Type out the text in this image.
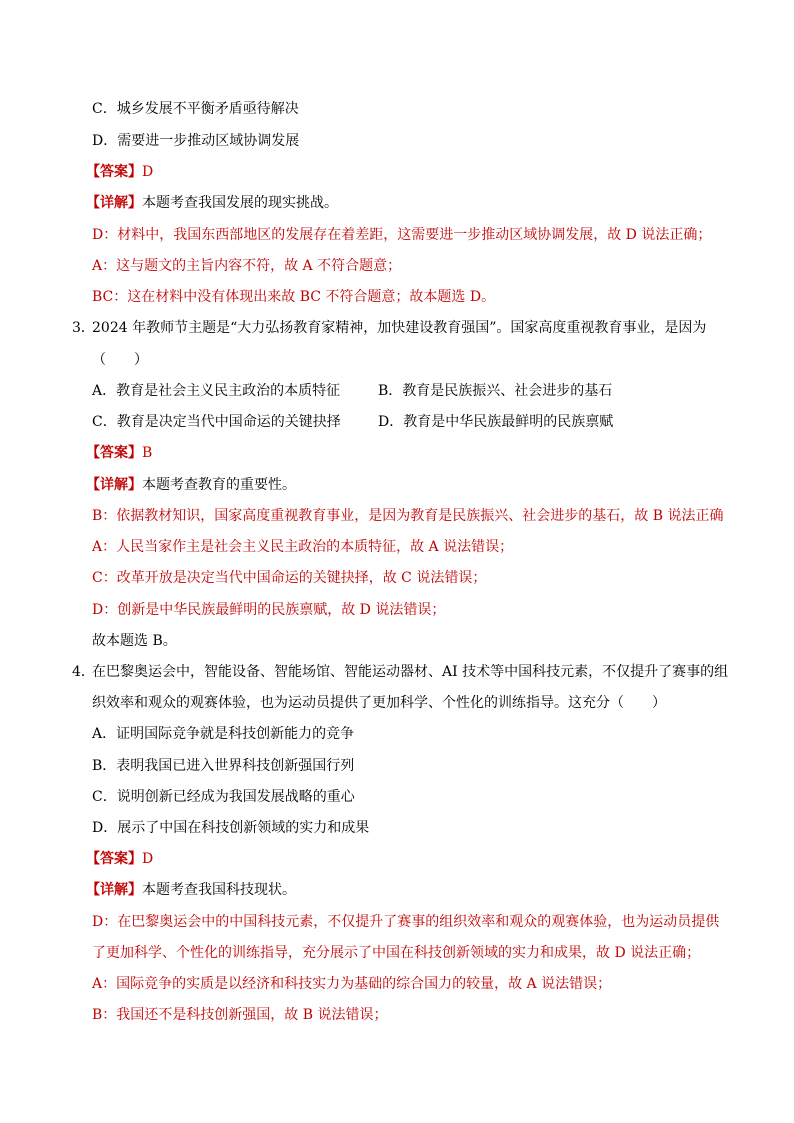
C．城乡发展不平衡矛盾亟待解决
D．需要进一步推动区域协调发展
【答案】D
【详解】本题考查我国发展的现实挑战。
D：材料中，我国东西部地区的发展存在着差距，这需要进一步推动区域协调发展，故 D 说法正确；
A：这与题文的主旨内容不符，故 A 不符合题意；
BC：这在材料中没有体现出来故 BC 不符合题意；故本题选 D。
3．
2024 年教师节主题是“大力弘扬教育家精神，加快建设教育强国”。国家高度重视教育事业，是因为
（　　）
A．教育是社会主义民主政治的本质特征	B．教育是民族振兴、社会进步的基石
C．教育是决定当代中国命运的关键抉择	D．教育是中华民族最鲜明的民族禀赋
【答案】B
【详解】本题考查教育的重要性。
B：依据教材知识，国家高度重视教育事业，是因为教育是民族振兴、社会进步的基石，故 B 说法正确
A：人民当家作主是社会主义民主政治的本质特征，故 A 说法错误；
C：改革开放是决定当代中国命运的关键抉择，故 C 说法错误；
D：创新是中华民族最鲜明的民族禀赋，故 D 说法错误；
故本题选 B。
4．
在巴黎奥运会中，智能设备、智能场馆、智能运动器材、AI 技术等中国科技元素，不仅提升了赛事的组
织效率和观众的观赛体验，也为运动员提供了更加科学、个性化的训练指导。这充分（　　）
A．证明国际竞争就是科技创新能力的竞争
B．表明我国已进入世界科技创新强国行列
C．说明创新已经成为我国发展战略的重心
D．展示了中国在科技创新领域的实力和成果
【答案】D
【详解】本题考查我国科技现状。
D：在巴黎奥运会中的中国科技元素，不仅提升了赛事的组织效率和观众的观赛体验，也为运动员提供
了更加科学、个性化的训练指导，充分展示了中国在科技创新领域的实力和成果，故 D 说法正确；
A：国际竞争的实质是以经济和科技实力为基础的综合国力的较量，故 A 说法错误；
B：我国还不是科技创新强国，故 B 说法错误；
